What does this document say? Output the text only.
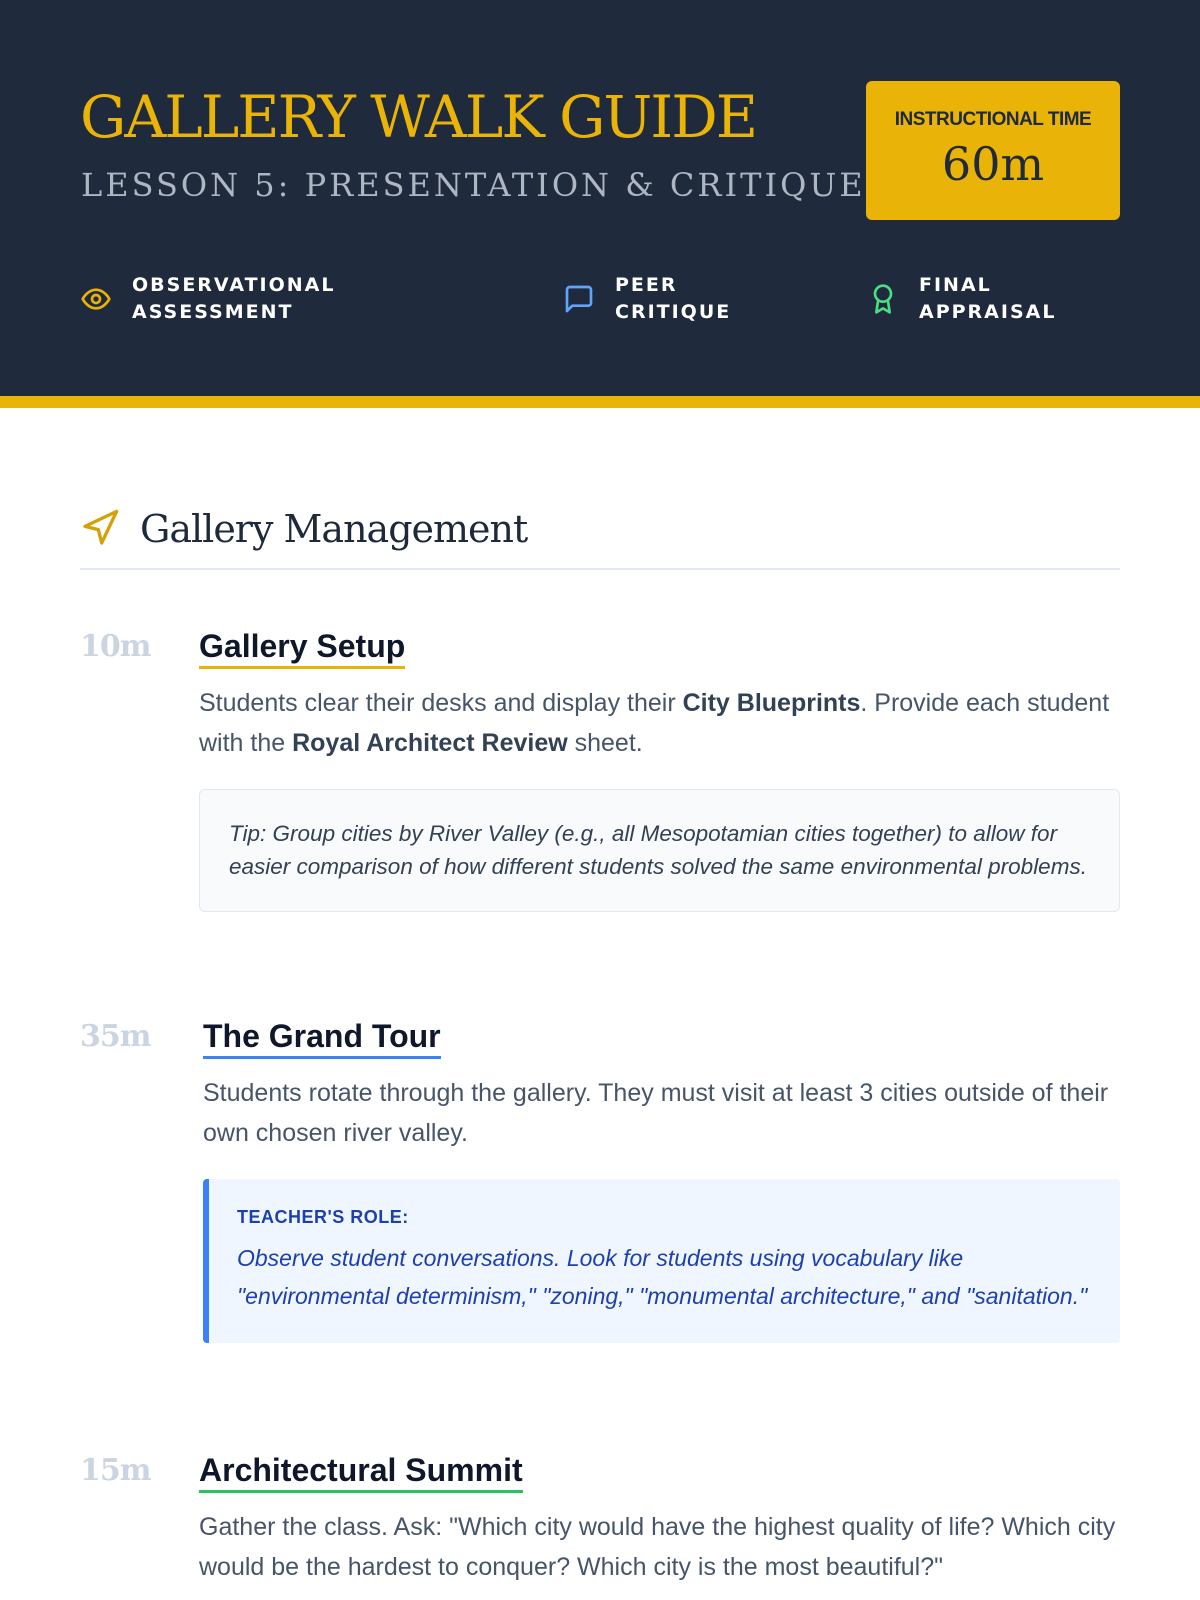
GALLERY WALK GUIDE
LESSON 5: PRESENTATION & CRITIQUE
INSTRUCTIONAL TIME
60m
OBSERVATIONAL
ASSESSMENT
PEER
CRITIQUE
FINAL
APPRAISAL
Gallery Management
10m Gallery Setup

Students clear their desks and display their City Blueprints. Provide each student with the Royal Architect Review sheet.

Tip: Group cities by River Valley (e.g., all Mesopotamian cities together) to allow for easier comparison of how different students solved the same environmental problems.
35m The Grand Tour

Students rotate through the gallery. They must visit at least 3 cities outside of their own chosen river valley.

TEACHER'S ROLE:
Observe student conversations. Look for students using vocabulary like "environmental determinism," "zoning," "monumental architecture," and "sanitation."
15m Architectural Summit

Gather the class. Ask: "Which city would have the highest quality of life? Which city would be the hardest to conquer? Which city is the most beautiful?"
